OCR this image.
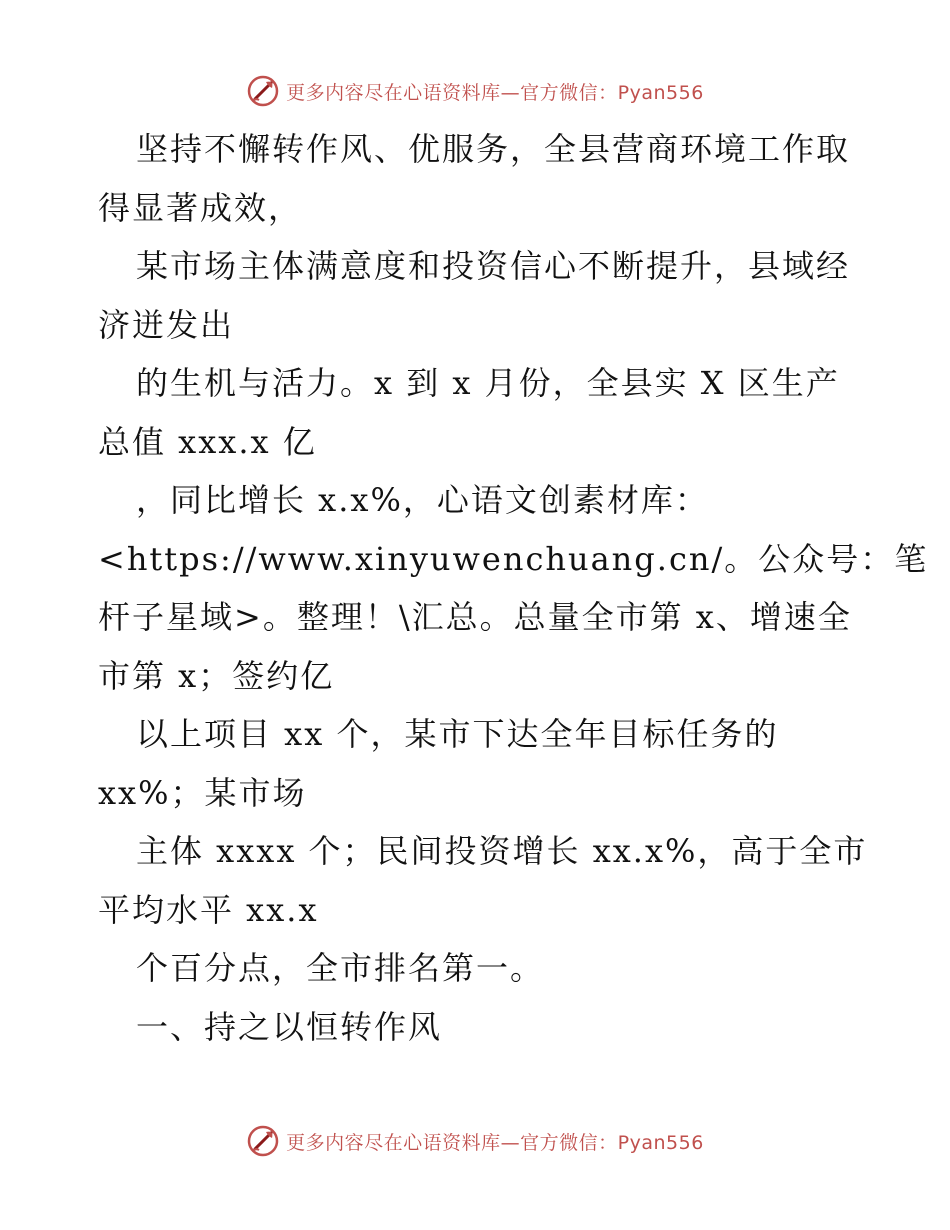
更多内容尽在心语资料库—官方微信：Pyan556
坚持不懈转作风、优服务，全县营商环境工作取
得显著成效，
某市场主体满意度和投资信心不断提升，县域经
济迸发出
的生机与活力。x 到 x 月份，全县实 X 区生产
总值 xxx.x 亿
，同比增长 x.x%，心语文创素材库：
<https://www.xinyuwenchuang.cn/。公众号：笔
杆子星域>。整理！\汇总。总量全市第 x、增速全
市第 x；签约亿
以上项目 xx 个，某市下达全年目标任务的
xx%；某市场
主体 xxxx 个；民间投资增长 xx.x%，高于全市
平均水平 xx.x
个百分点，全市排名第一。
一、持之以恒转作风
更多内容尽在心语资料库—官方微信：Pyan556
